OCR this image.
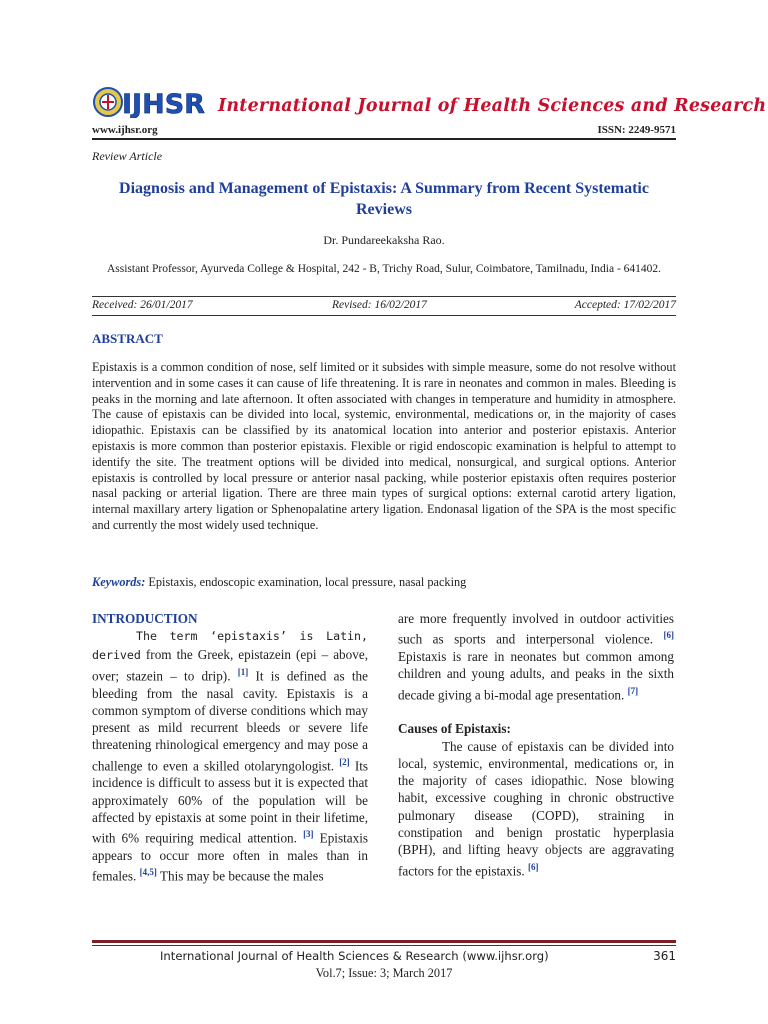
IJHSR International Journal of Health Sciences and Research
www.ijhsr.org	ISSN: 2249-9571
Review Article
Diagnosis and Management of Epistaxis: A Summary from Recent Systematic Reviews
Dr. Pundareekaksha Rao.
Assistant Professor, Ayurveda College & Hospital, 242 - B, Trichy Road, Sulur, Coimbatore, Tamilnadu, India - 641402.
Received: 26/01/2017	Revised: 16/02/2017	Accepted: 17/02/2017
ABSTRACT
Epistaxis is a common condition of nose, self limited or it subsides with simple measure, some do not resolve without intervention and in some cases it can cause of life threatening. It is rare in neonates and common in males. Bleeding is peaks in the morning and late afternoon. It often associated with changes in temperature and humidity in atmosphere. The cause of epistaxis can be divided into local, systemic, environmental, medications or, in the majority of cases idiopathic. Epistaxis can be classified by its anatomical location into anterior and posterior epistaxis. Anterior epistaxis is more common than posterior epistaxis. Flexible or rigid endoscopic examination is helpful to attempt to identify the site. The treatment options will be divided into medical, nonsurgical, and surgical options. Anterior epistaxis is controlled by local pressure or anterior nasal packing, while posterior epistaxis often requires posterior nasal packing or arterial ligation. There are three main types of surgical options: external carotid artery ligation, internal maxillary artery ligation or Sphenopalatine artery ligation. Endonasal ligation of the SPA is the most specific and currently the most widely used technique.
Keywords: Epistaxis, endoscopic examination, local pressure, nasal packing
INTRODUCTION

The term ‘epistaxis’ is Latin, derived from the Greek, epistazein (epi – above, over; stazein – to drip). [1] It is defined as the bleeding from the nasal cavity. Epistaxis is a common symptom of diverse conditions which may present as mild recurrent bleeds or severe life threatening rhinological emergency and may pose a challenge to even a skilled otolaryngologist. [2] Its incidence is difficult to assess but it is expected that approximately 60% of the population will be affected by epistaxis at some point in their lifetime, with 6% requiring medical attention. [3] Epistaxis appears to occur more often in males than in females. [4,5] This may be because the males

are more frequently involved in outdoor activities such as sports and interpersonal violence. [6] Epistaxis is rare in neonates but common among children and young adults, and peaks in the sixth decade giving a bi-modal age presentation. [7]

Causes of Epistaxis:

The cause of epistaxis can be divided into local, systemic, environmental, medications or, in the majority of cases idiopathic. Nose blowing habit, excessive coughing in chronic obstructive pulmonary disease (COPD), straining in constipation and benign prostatic hyperplasia (BPH), and lifting heavy objects are aggravating factors for the epistaxis. [6]

International Journal of Health Sciences & Research (www.ijhsr.org)	361
Vol.7; Issue: 3; March 2017
